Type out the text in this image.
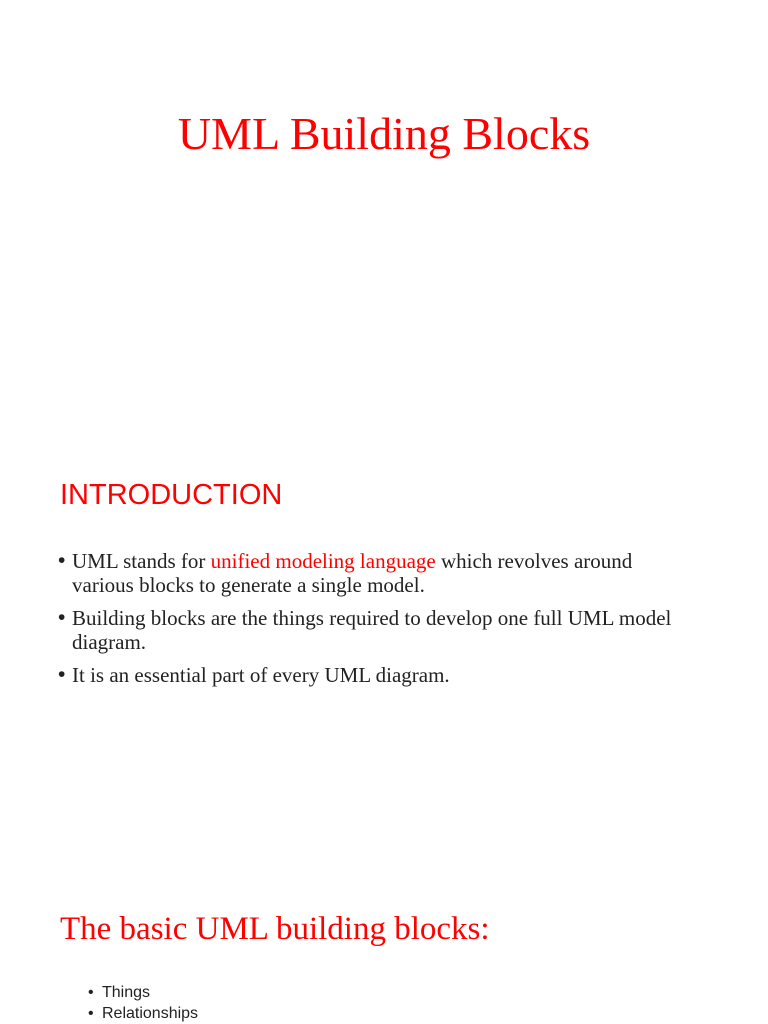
UML Building Blocks
INTRODUCTION
• UML stands for unified modeling language which revolves around various blocks to generate a single model.
• Building blocks are the things required to develop one full UML model diagram.
• It is an essential part of every UML diagram.
The basic UML building blocks:
• Things
• Relationships
